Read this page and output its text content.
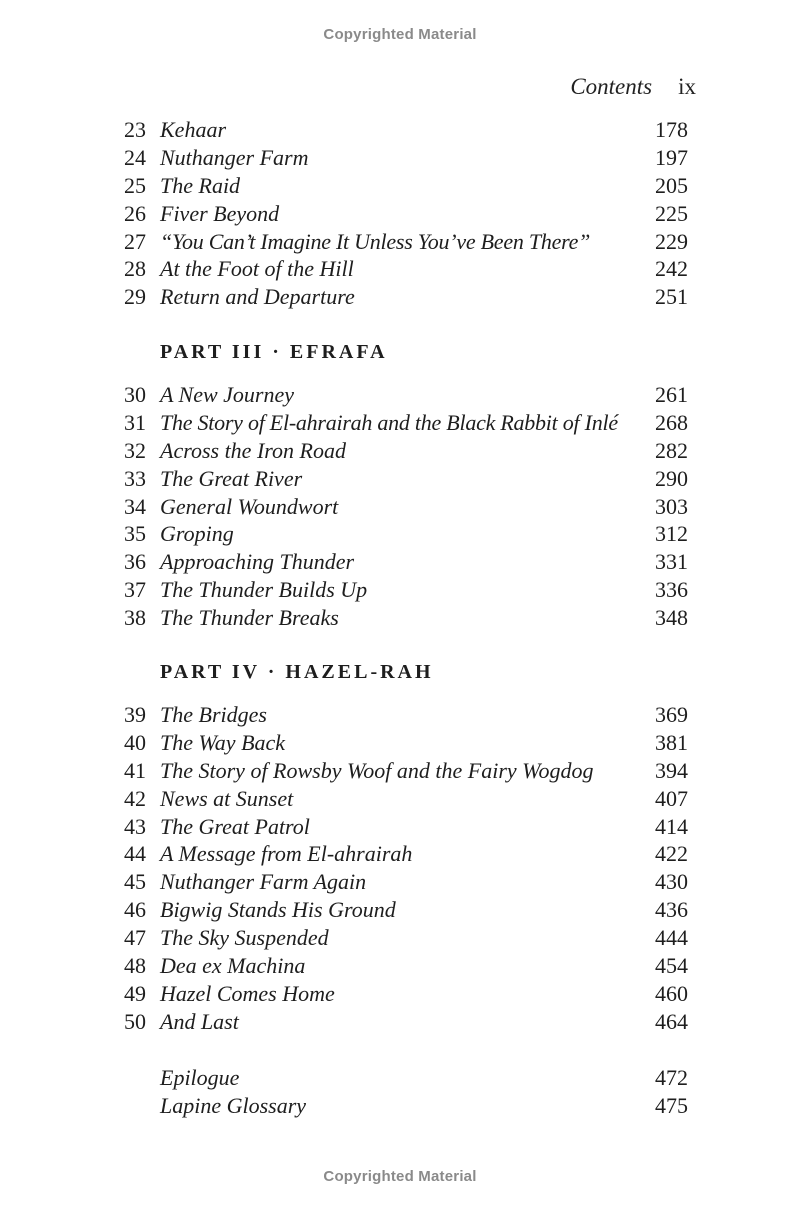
Copyrighted Material
Contents ix
23 Kehaar	178
24 Nuthanger Farm	197
25 The Raid	205
26 Fiver Beyond	225
27 “You Can’t Imagine It Unless You’ve Been There”	229
28 At the Foot of the Hill	242
29 Return and Departure	251
PART III · EFRAFA
30 A New Journey	261
31 The Story of El-ahrairah and the Black Rabbit of Inlé 268
32 Across the Iron Road	282
33 The Great River	290
34 General Woundwort	303
35 Groping	312
36 Approaching Thunder	331
37 The Thunder Builds Up	336
38 The Thunder Breaks	348
PART IV · HAZEL-RAH
39 The Bridges	369
40 The Way Back	381
41 The Story of Rowsby Woof and the Fairy Wogdog	394
42 News at Sunset	407
43 The Great Patrol	414
44 A Message from El-ahrairah	422
45 Nuthanger Farm Again	430
46 Bigwig Stands His Ground	436
47 The Sky Suspended	444
48 Dea ex Machina	454
49 Hazel Comes Home	460
50 And Last	464
Epilogue	472
Lapine Glossary	475
Copyrighted Material
